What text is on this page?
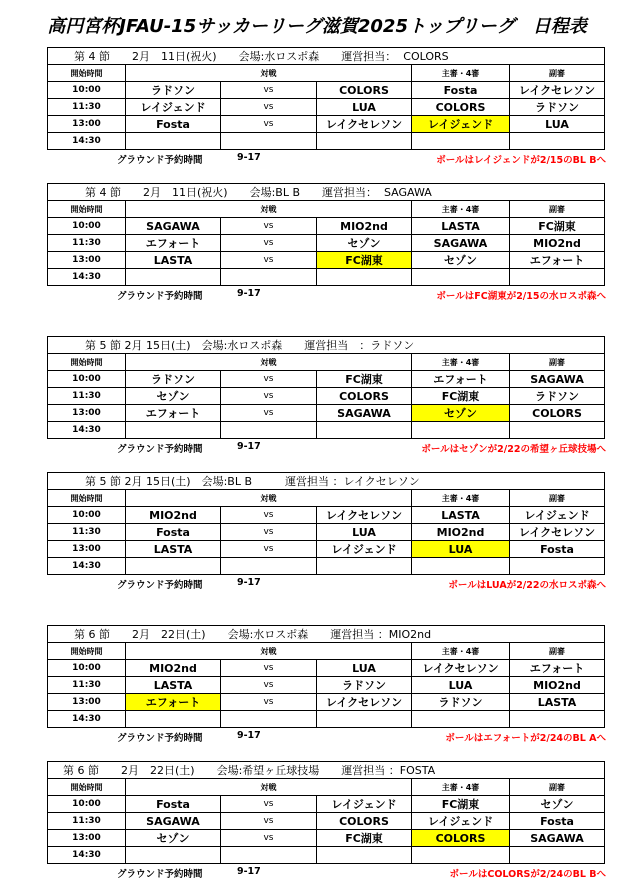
高円宮杯JFAU-15サッカーリーグ滋賀2025トップリーグ　日程表
　　第 4 節　　2月　11日(祝火)　　会場:水ロスポ森　　運営担当：  COLORS					
開始時間	対戦			主審・4審	副審
10:00	ラドソン	vs	COLORS	Fosta	レイクセレソン
11:30	レイジェンド	vs	LUA	COLORS	ラドソン
13:00	Fosta	vs	レイクセレソン	レイジェンド	LUA
14:30					
グラウンド予約時間	9-17	ボールはレイジェンドが2/15のBL Bへ
　　　第 4 節　　2月　11日(祝火)　　会場:BL B　　運営担当：  SAGAWA					
開始時間	対戦			主審・4審	副審
10:00	SAGAWA	vs	MIO2nd	LASTA	FC湖東
11:30	エフォート	vs	セゾン	SAGAWA	MIO2nd
13:00	LASTA	vs	FC湖東	セゾン	エフォート
14:30					
グラウンド予約時間	9-17	ボールはFC湖東が2/15の水ロスポ森へ
　　　第 5 節 2月 15日(土)　会場:水ロスポ森　　運営担当　：ラドソン					
開始時間	対戦			主審・4審	副審
10:00	ラドソン	vs	FC湖東	エフォート	SAGAWA
11:30	セゾン	vs	COLORS	FC湖東	ラドソン
13:00	エフォート	vs	SAGAWA	セゾン	COLORS
14:30					
グラウンド予約時間	9-17	ボールはセゾンが2/22の希望ヶ丘球技場へ
　　　第 5 節 2月 15日(土)　会場:BL B　　　運営担当 ：レイクセレソン					
開始時間	対戦			主審・4審	副審
10:00	MIO2nd	vs	レイクセレソン	LASTA	レイジェンド
11:30	Fosta	vs	LUA	MIO2nd	レイクセレソン
13:00	LASTA	vs	レイジェンド	LUA	Fosta
14:30					
グラウンド予約時間	9-17	ボールはLUAが2/22の水ロスポ森へ
　　第 6 節　　2月　22日(土)　　会場:水ロスポ森　　運営担当 ：MIO2nd					
開始時間	対戦			主審・4審	副審
10:00	MIO2nd	vs	LUA	レイクセレソン	エフォート
11:30	LASTA	vs	ラドソン	LUA	MIO2nd
13:00	エフォート	vs	レイクセレソン	ラドソン	LASTA
14:30					
グラウンド予約時間	9-17	ボールはエフォートが2/24のBL Aへ
　第 6 節　　2月　22日(土)　　会場:希望ヶ丘球技場　　運営担当 ：FOSTA					
開始時間	対戦			主審・4審	副審
10:00	Fosta	vs	レイジェンド	FC湖東	セゾン
11:30	SAGAWA	vs	COLORS	レイジェンド	Fosta
13:00	セゾン	vs	FC湖東	COLORS	SAGAWA
14:30					
グラウンド予約時間	9-17	ボールはCOLORSが2/24のBL Bへ
